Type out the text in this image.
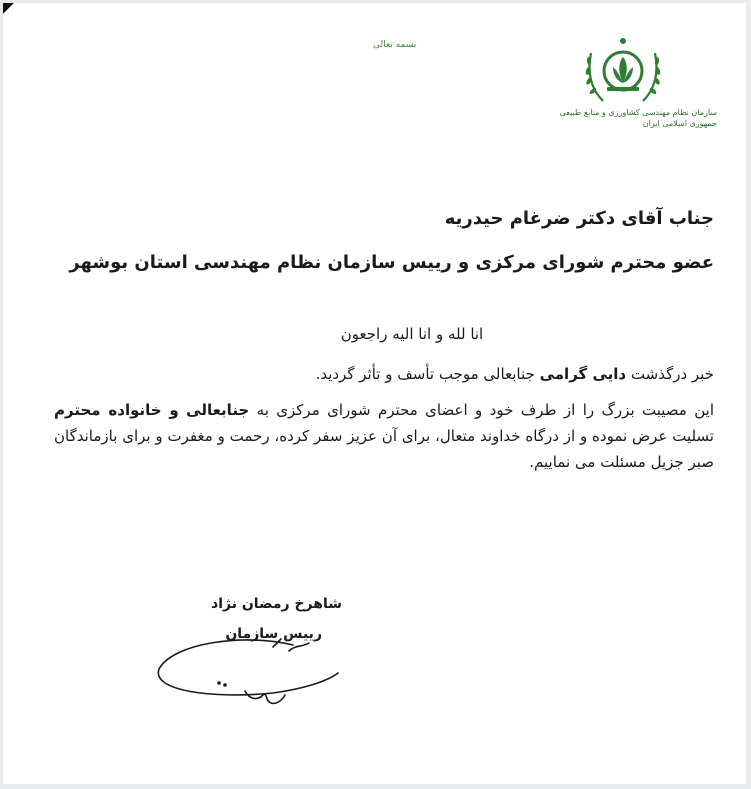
بسمه تعالی
سازمان نظام مهندسی کشاورزی و منابع طبیعی
جمهوری اسلامی ایران
جناب آقای دکتر ضرغام حیدریه
عضو محترم شورای مرکزی و رییس سازمان نظام مهندسی استان بوشهر

انا لله و انا الیه راجعون

خبر درگذشت دایی گرامی جنابعالی موجب تأسف و تأثر گردید.

این مصیبت بزرگ را از طرف خود و اعضای محترم شورای مرکزی به جنابعالی و خانواده محترم تسلیت عرض نموده و از درگاه خداوند متعال، برای آن عزیز سفر کرده، رحمت و مغفرت و برای بازماندگان صبر جزیل مسئلت می نماییم.

شاهرخ رمضان نژاد
رییس سازمان
